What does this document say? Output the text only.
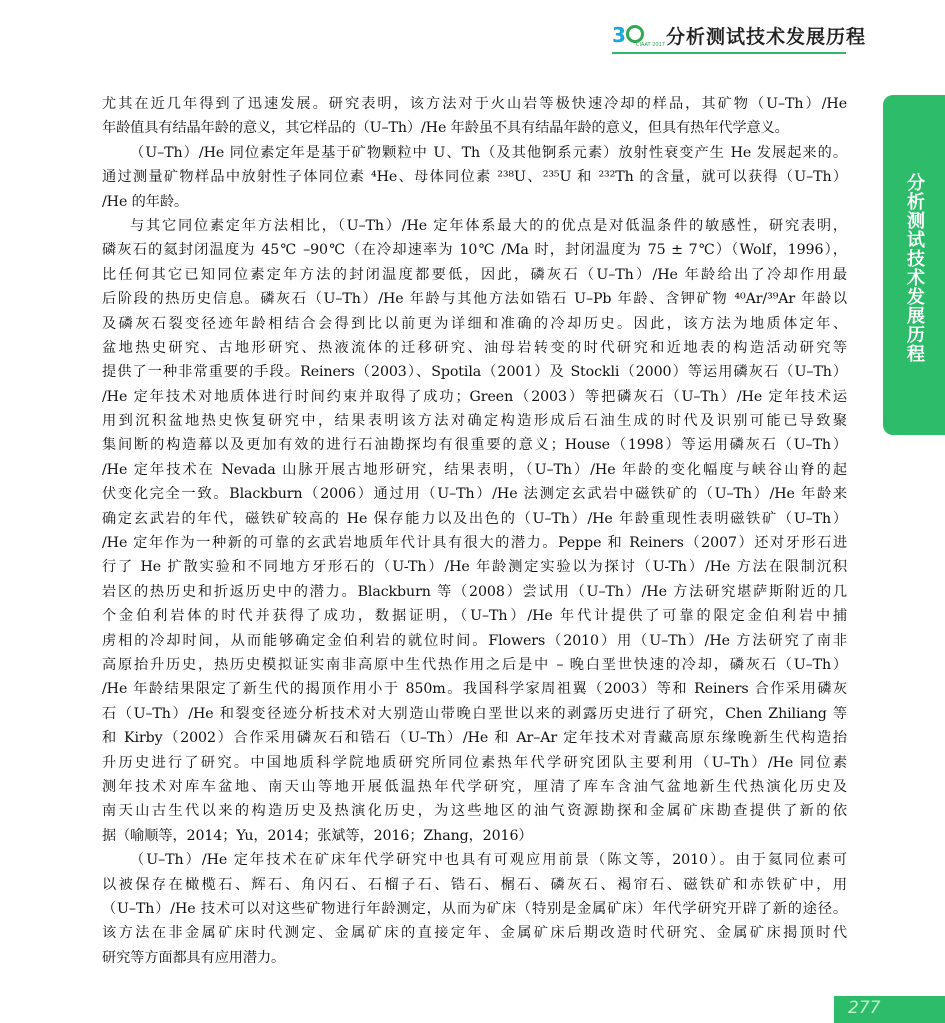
3 CIAAT 2017 分析测试技术发展历程
分析测试技术发展历程
尤其在近几年得到了迅速发展。研究表明，该方法对于火山岩等极快速冷却的样品，其矿物（U–Th）/He
年龄值具有结晶年龄的意义，其它样品的（U–Th）/He 年龄虽不具有结晶年龄的意义，但具有热年代学意义。
（U–Th）/He 同位素定年是基于矿物颗粒中 U、Th（及其他锕系元素）放射性衰变产生 He 发展起来的。
通过测量矿物样品中放射性子体同位素 ⁴He、母体同位素 ²³⁸U、²³⁵U 和 ²³²Th 的含量，就可以获得（U–Th）
/He 的年龄。
与其它同位素定年方法相比，（U–Th）/He 定年体系最大的的优点是对低温条件的敏感性，研究表明，
磷灰石的氦封闭温度为 45℃ –90℃（在冷却速率为 10℃ /Ma 时，封闭温度为 75 ± 7℃）（Wolf，1996），
比任何其它已知同位素定年方法的封闭温度都要低，因此，磷灰石（U–Th）/He 年龄给出了冷却作用最
后阶段的热历史信息。磷灰石（U–Th）/He 年龄与其他方法如锆石 U–Pb 年龄、含钾矿物 ⁴⁰Ar/³⁹Ar 年龄以
及磷灰石裂变径迹年龄相结合会得到比以前更为详细和准确的冷却历史。因此，该方法为地质体定年、
盆地热史研究、古地形研究、热液流体的迁移研究、油母岩转变的时代研究和近地表的构造活动研究等
提供了一种非常重要的手段。Reiners（2003）、Spotila（2001）及 Stockli（2000）等运用磷灰石（U–Th）
/He 定年技术对地质体进行时间约束并取得了成功；Green（2003）等把磷灰石（U–Th）/He 定年技术运
用到沉积盆地热史恢复研究中，结果表明该方法对确定构造形成后石油生成的时代及识别可能已导致聚
集间断的构造幕以及更加有效的进行石油勘探均有很重要的意义；House（1998）等运用磷灰石（U–Th）
/He 定年技术在 Nevada 山脉开展古地形研究，结果表明，（U–Th）/He 年龄的变化幅度与峡谷山脊的起
伏变化完全一致。Blackburn（2006）通过用（U–Th）/He 法测定玄武岩中磁铁矿的（U–Th）/He 年龄来
确定玄武岩的年代，磁铁矿较高的 He 保存能力以及出色的（U–Th）/He 年龄重现性表明磁铁矿（U–Th）
/He 定年作为一种新的可靠的玄武岩地质年代计具有很大的潜力。Peppe 和 Reiners（2007）还对牙形石进
行了 He 扩散实验和不同地方牙形石的（U-Th）/He 年龄测定实验以为探讨（U-Th）/He 方法在限制沉积
岩区的热历史和折返历史中的潜力。Blackburn 等（2008）尝试用（U–Th）/He 方法研究堪萨斯附近的几
个金伯利岩体的时代并获得了成功，数据证明，（U–Th）/He 年代计提供了可靠的限定金伯利岩中捕
虏相的冷却时间，从而能够确定金伯利岩的就位时间。Flowers（2010）用（U–Th）/He 方法研究了南非
高原抬升历史，热历史模拟证实南非高原中生代热作用之后是中 – 晚白垩世快速的冷却，磷灰石（U–Th）
/He 年龄结果限定了新生代的揭顶作用小于 850m。我国科学家周祖翼（2003）等和 Reiners 合作采用磷灰
石（U–Th）/He 和裂变径迹分析技术对大别造山带晚白垩世以来的剥露历史进行了研究，Chen Zhiliang 等
和 Kirby（2002）合作采用磷灰石和锆石（U–Th）/He 和 Ar–Ar 定年技术对青藏高原东缘晚新生代构造抬
升历史进行了研究。中国地质科学院地质研究所同位素热年代学研究团队主要利用（U–Th）/He 同位素
测年技术对库车盆地、南天山等地开展低温热年代学研究，厘清了库车含油气盆地新生代热演化历史及
南天山古生代以来的构造历史及热演化历史，为这些地区的油气资源勘探和金属矿床勘查提供了新的依
据（喻顺等，2014；Yu，2014；张斌等，2016；Zhang，2016）
（U–Th）/He 定年技术在矿床年代学研究中也具有可观应用前景（陈文等，2010）。由于氦同位素可
以被保存在橄榄石、辉石、角闪石、石榴子石、锆石、榍石、磷灰石、褐帘石、磁铁矿和赤铁矿中，用
（U–Th）/He 技术可以对这些矿物进行年龄测定，从而为矿床（特别是金属矿床）年代学研究开辟了新的途径。
该方法在非金属矿床时代测定、金属矿床的直接定年、金属矿床后期改造时代研究、金属矿床揭顶时代
研究等方面都具有应用潜力。
277
